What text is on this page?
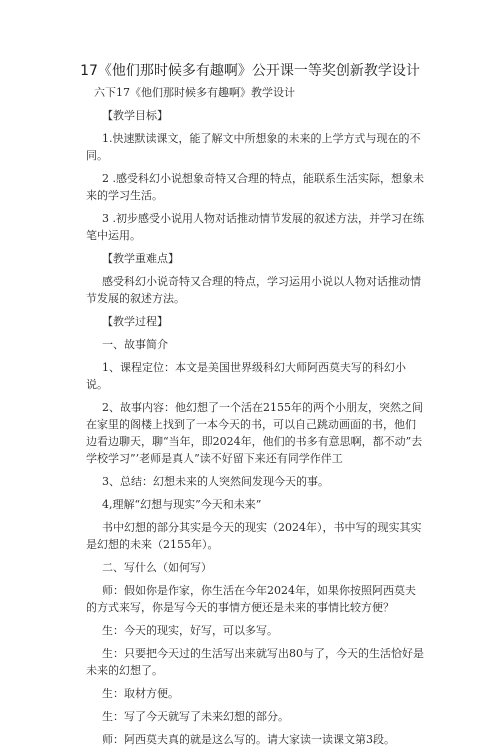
17《他们那时候多有趣啊》公开课一等奖创新教学设计

六下17《他们那时候多有趣啊》教学设计

【教学目标】

1.快速默读课文，能了解文中所想象的未来的上学方式与现在的不同。

2 .感受科幻小说想象奇特又合理的特点，能联系生活实际，想象未来的学习生活。

3 .初步感受小说用人物对话推动情节发展的叙述方法，并学习在练笔中运用。

【教学重难点】

感受科幻小说奇特又合理的特点，学习运用小说以人物对话推动情节发展的叙述方法。

【教学过程】

一、故事简介

1、课程定位：本文是美国世界级科幻大师阿西莫夫写的科幻小说。

2、故事内容：他幻想了一个活在2155年的两个小朋友，突然之间在家里的阁楼上找到了一本今天的书，可以自己跳动画面的书，他们边看边聊天，聊“当年，即2024年，他们的书多有意思啊，都不动”去学校学习”’老师是真人”读不好留下来还有同学作伴工

3、总结：幻想未来的人突然间发现今天的事。

4,理解“幻想与现实”今天和未来”

书中幻想的部分其实是今天的现实（2024年），书中写的现实其实是幻想的未来（2155年）。

二、写什么（如何写）

师：假如你是作家，你生活在今年2024年，如果你按照阿西莫夫的方式来写，你是写今天的事情方便还是未来的事情比较方便？

生：今天的现实，好写，可以多写。

生：只要把今天过的生活写出来就写出80与了，今天的生活恰好是未来的幻想了。

生：取材方便。

生：写了今天就写了未来幻想的部分。

师：阿西莫夫真的就是这么写的。请大家读一读课文第3段。
